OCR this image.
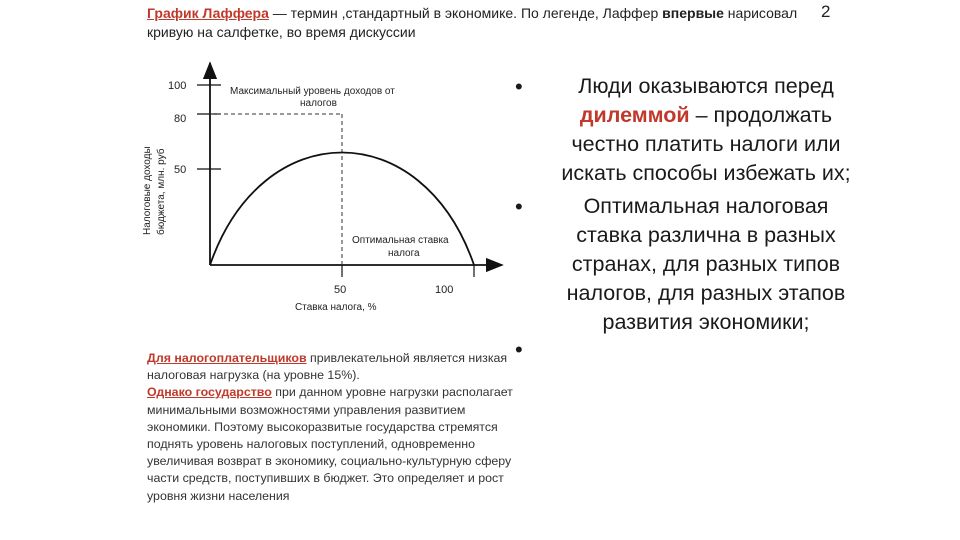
График Лаффера — термин ,стандартный в экономике. По легенде, Лаффер впервые нарисовал кривую на салфетке, во время дискуссии
2
Налоговые доходы бюджета, млн. руб
100
80
50
50	100
Ставка налога, %
Максимальный уровень доходов от
налогов
Оптимальная ставка
налога
Для налогоплательщиков привлекательной является низкая налоговая нагрузка (на уровне 15%).
Однако государство при данном уровне нагрузки располагает минимальными возможностями управления развитием экономики. Поэтому высокоразвитые государства стремятся поднять уровень налоговых поступлений, одновременно увеличивая возврат в экономику, социально-культурную сферу части средств, поступивших в бюджет. Это определяет и рост уровня жизни населения
•	Люди оказываются перед дилеммой – продолжать честно платить налоги или искать способы избежать их;
•	Оптимальная налоговая ставка различна в разных странах, для разных типов налогов, для разных этапов развития экономики;
•
